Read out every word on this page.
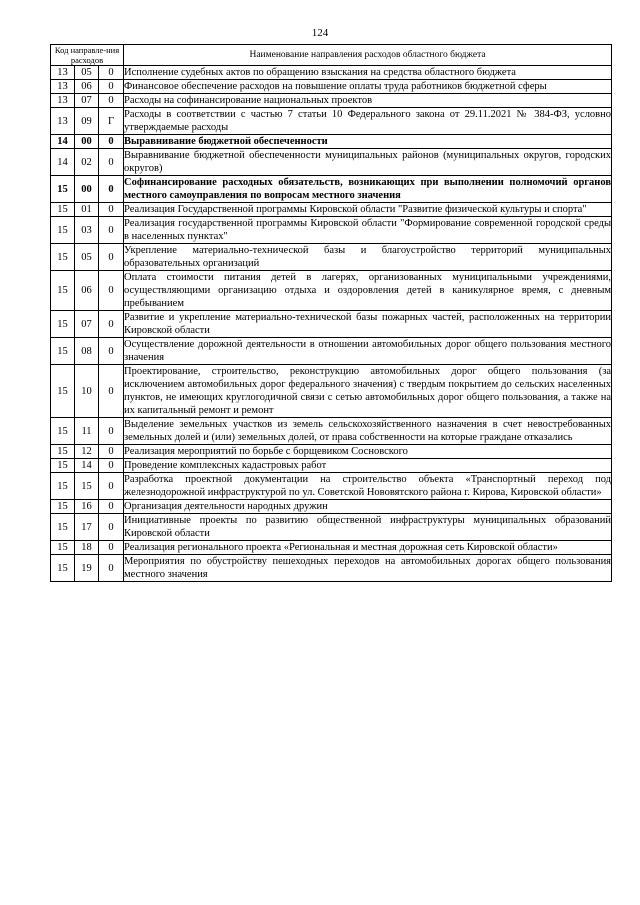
124
Код направле-ния расходов			Наименование направления расходов областного бюджета
13	05	0	Исполнение судебных актов по обращению взыскания на средства областного бюджета
13	06	0	Финансовое обеспечение расходов на повышение оплаты труда работников бюджетной сферы
13	07	0	Расходы на софинансирование национальных проектов
13	09	Г	Расходы в соответствии с частью 7 статьи 10 Федерального закона от 29.11.2021 № 384-ФЗ, условно утверждаемые расходы
14	00	0	Выравнивание бюджетной обеспеченности
14	02	0	Выравнивание бюджетной обеспеченности муниципальных районов (муниципальных округов, городских округов)
15	00	0	Софинансирование расходных обязательств, возникающих при выполнении полномочий органов местного самоуправления по вопросам местного значения
15	01	0	Реализация Государственной программы Кировской области "Развитие физической культуры и спорта"
15	03	0	Реализация государственной программы Кировской области "Формирование современной городской среды в населенных пунктах"
15	05	0	Укрепление материально-технической базы и благоустройство территорий муниципальных образовательных организаций
15	06	0	Оплата стоимости питания детей в лагерях, организованных муниципальными учреждениями, осуществляющими организацию отдыха и оздоровления детей в каникулярное время, с дневным пребыванием
15	07	0	Развитие и укрепление материально-технической базы пожарных частей, расположенных на территории Кировской области
15	08	0	Осуществление дорожной деятельности в отношении автомобильных дорог общего пользования местного значения
15	10	0	Проектирование, строительство, реконструкцию автомобильных дорог общего пользования (за исключением автомобильных дорог федерального значения) с твердым покрытием до сельских населенных пунктов, не имеющих круглогодичной связи с сетью автомобильных дорог общего пользования, а также на их капитальный ремонт и ремонт
15	11	0	Выделение земельных участков из земель сельскохозяйственного назначения в счет невостребованных земельных долей и (или) земельных долей, от права собственности на которые граждане отказались
15	12	0	Реализация мероприятий по борьбе с борщевиком Сосновского
15	14	0	Проведение комплексных кадастровых работ
15	15	0	Разработка проектной документации на строительство объекта «Транспортный переход под железнодорожной инфраструктурой по ул. Советской Нововятского района г. Кирова, Кировской области»
15	16	0	Организация деятельности народных дружин
15	17	0	Инициативные проекты по развитию общественной инфраструктуры муниципальных образований Кировской области
15	18	0	Реализация регионального проекта «Региональная и местная дорожная сеть Кировской области»
15	19	0	Мероприятия по обустройству пешеходных переходов на автомобильных дорогах общего пользования местного значения
